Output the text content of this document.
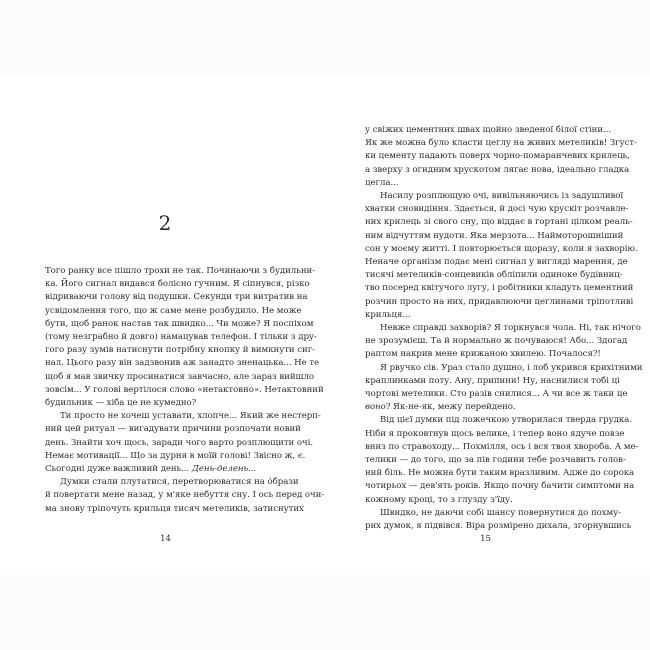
2
Того ранку все пішло трохи не так. Починаючи з будильни-
ка. Його сигнал видався болісно гучним. Я сіпнувся, різко
відриваючи голову від подушки. Секунди три витратив на
усвідомлення того, що ж саме мене розбудило. Не може
бути, щоб ранок настав так швидко... Чи може? Я поспіхом
(тому незграбно й довго) намацував телефон. І тільки з дру-
гого разу зумів натиснути потрібну кнопку й вимкнути сиг-
нал. Цього разу він задзвонив аж занадто зненацька... Не те
щоб я мав звичку просинатися завчасно, але зараз вийшло
зовсім... У голові вертілося слово «нетактовно». Нетактовний
будильник — хіба це не кумедно?
Ти просто не хочеш уставати, хлопче... Який же нестерп-
ний цей ритуал — вигадувати причини розпочати новий
день. Знайти хоч щось, заради чого варто розплющити очі.
Немає мотивації... Що за дурня в моїй голові! Звісно ж, є.
Сьогодні дуже важливий день... День-делень...
Думки стали плутатися, перетворюватися на óбрази
й повертати мене назад, у м'яке небуття сну. І ось перед очи-
ма знову тріпочуть крильця тисяч метеликів, затиснутих
14
у свіжих цементних швах щойно зведеної білої стіни...
Як же можна було класти цеглу на живих метеликів! Згуст-
ки цементу падають поверх чорно-помаранчевих крилець,
а зверху з огидним хрускотом лягає нова, ідеально гладка
цегла...
Насилу розплющую очі, вивільняючись із задушливої
хватки сновидіння. Здається, й досі чую хрускіт розчавле-
них крилець зі свого сну, що віддає в гортані цілком реаль-
ним відчуттям нудоти. Яка мерзота... Наймоторошніший
сон у моєму житті. І повторюється щоразу, коли я захворію.
Неначе організм подає мені сигнал у вигляді марення, де
тисячі метеликів-сонцевиків обліпили одиноке будівниц-
тво посеред квітучого лугу, і робітники кладуть цементний
розчин просто на них, придавлюючи цеглинами тріпотливі
крильця...
Невже справді захворів? Я торкнувся чола. Ні, так нічого
не зрозумієш. Та й нормально ж почуваюся! Або... Здогад
раптом накрив мене крижаною хвилею. Почалося?!
Я рвучко сів. Ураз стало душно, і лоб укрився крихітними
краплинками поту. Ану, припини! Ну, наснилися тобі ці
чортові метелики. Сто разів снилися... А чи все ж таки це
воно? Як-не-як, межу перейдено.
Від цієї думки під ложечкою утворилася тверда грудка.
Ніби я проковтнув щось велике, і тепер воно ядуче повзе
вниз по стравоходу... Похмілля, ось і вся твоя хвороба. А ме-
телики — до того, що за пів години тебе розчавить голов-
ний біль. Не можна бути таким вразливим. Адже до сорока
чотирьох — дев'ять років. Якщо почну бачити симптоми на
кожному кроці, то з глузду з'їду.
Швидко, не даючи собі шансу повернутися до похму-
рих думок, я підвівся. Віра розмірено дихала, згорнувшись
15
